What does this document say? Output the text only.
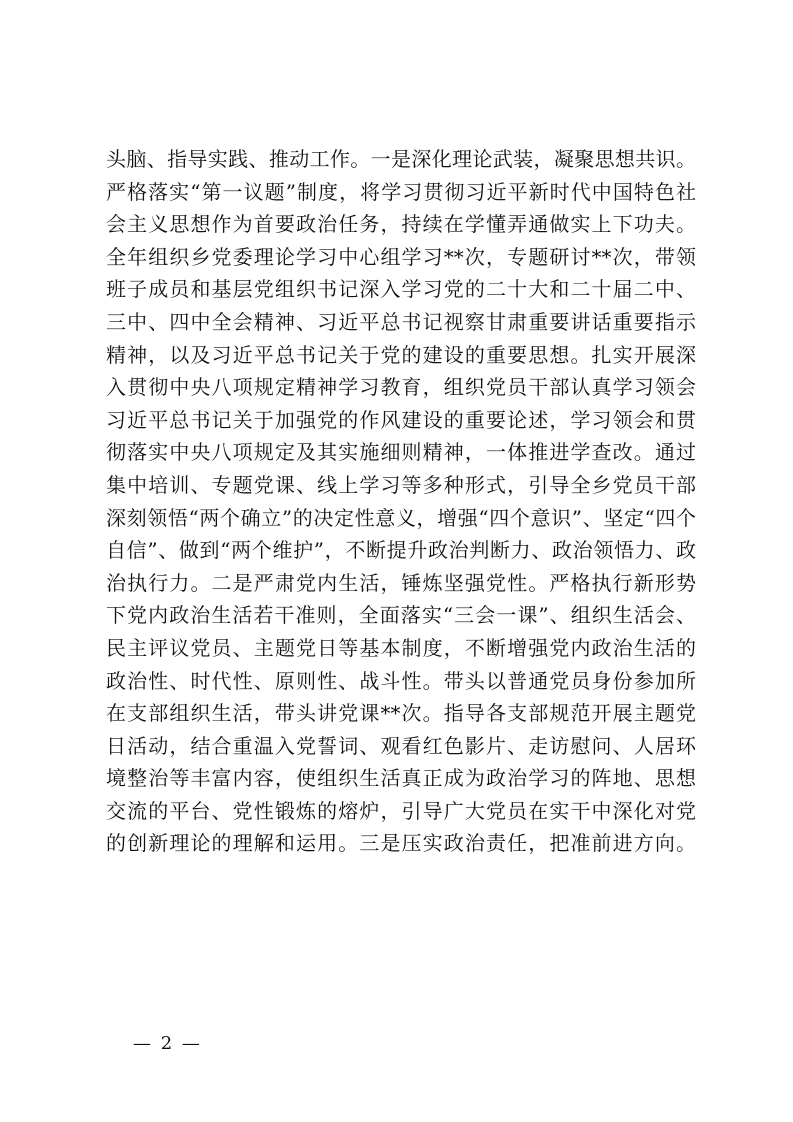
头脑、指导实践、推动工作。一是深化理论武装，凝聚思想共识。
严格落实“第一议题”制度，将学习贯彻习近平新时代中国特色社
会主义思想作为首要政治任务，持续在学懂弄通做实上下功夫。
全年组织乡党委理论学习中心组学习**次，专题研讨**次，带领
班子成员和基层党组织书记深入学习党的二十大和二十届二中、
三中、四中全会精神、习近平总书记视察甘肃重要讲话重要指示
精神，以及习近平总书记关于党的建设的重要思想。扎实开展深
入贯彻中央八项规定精神学习教育，组织党员干部认真学习领会
习近平总书记关于加强党的作风建设的重要论述，学习领会和贯
彻落实中央八项规定及其实施细则精神，一体推进学查改。通过
集中培训、专题党课、线上学习等多种形式，引导全乡党员干部
深刻领悟“两个确立”的决定性意义，增强“四个意识”、坚定“四个
自信”、做到“两个维护”，不断提升政治判断力、政治领悟力、政
治执行力。二是严肃党内生活，锤炼坚强党性。严格执行新形势
下党内政治生活若干准则，全面落实“三会一课”、组织生活会、
民主评议党员、主题党日等基本制度，不断增强党内政治生活的
政治性、时代性、原则性、战斗性。带头以普通党员身份参加所
在支部组织生活，带头讲党课**次。指导各支部规范开展主题党
日活动，结合重温入党誓词、观看红色影片、走访慰问、人居环
境整治等丰富内容，使组织生活真正成为政治学习的阵地、思想
交流的平台、党性锻炼的熔炉，引导广大党员在实干中深化对党
的创新理论的理解和运用。三是压实政治责任，把准前进方向。
— 2 —
